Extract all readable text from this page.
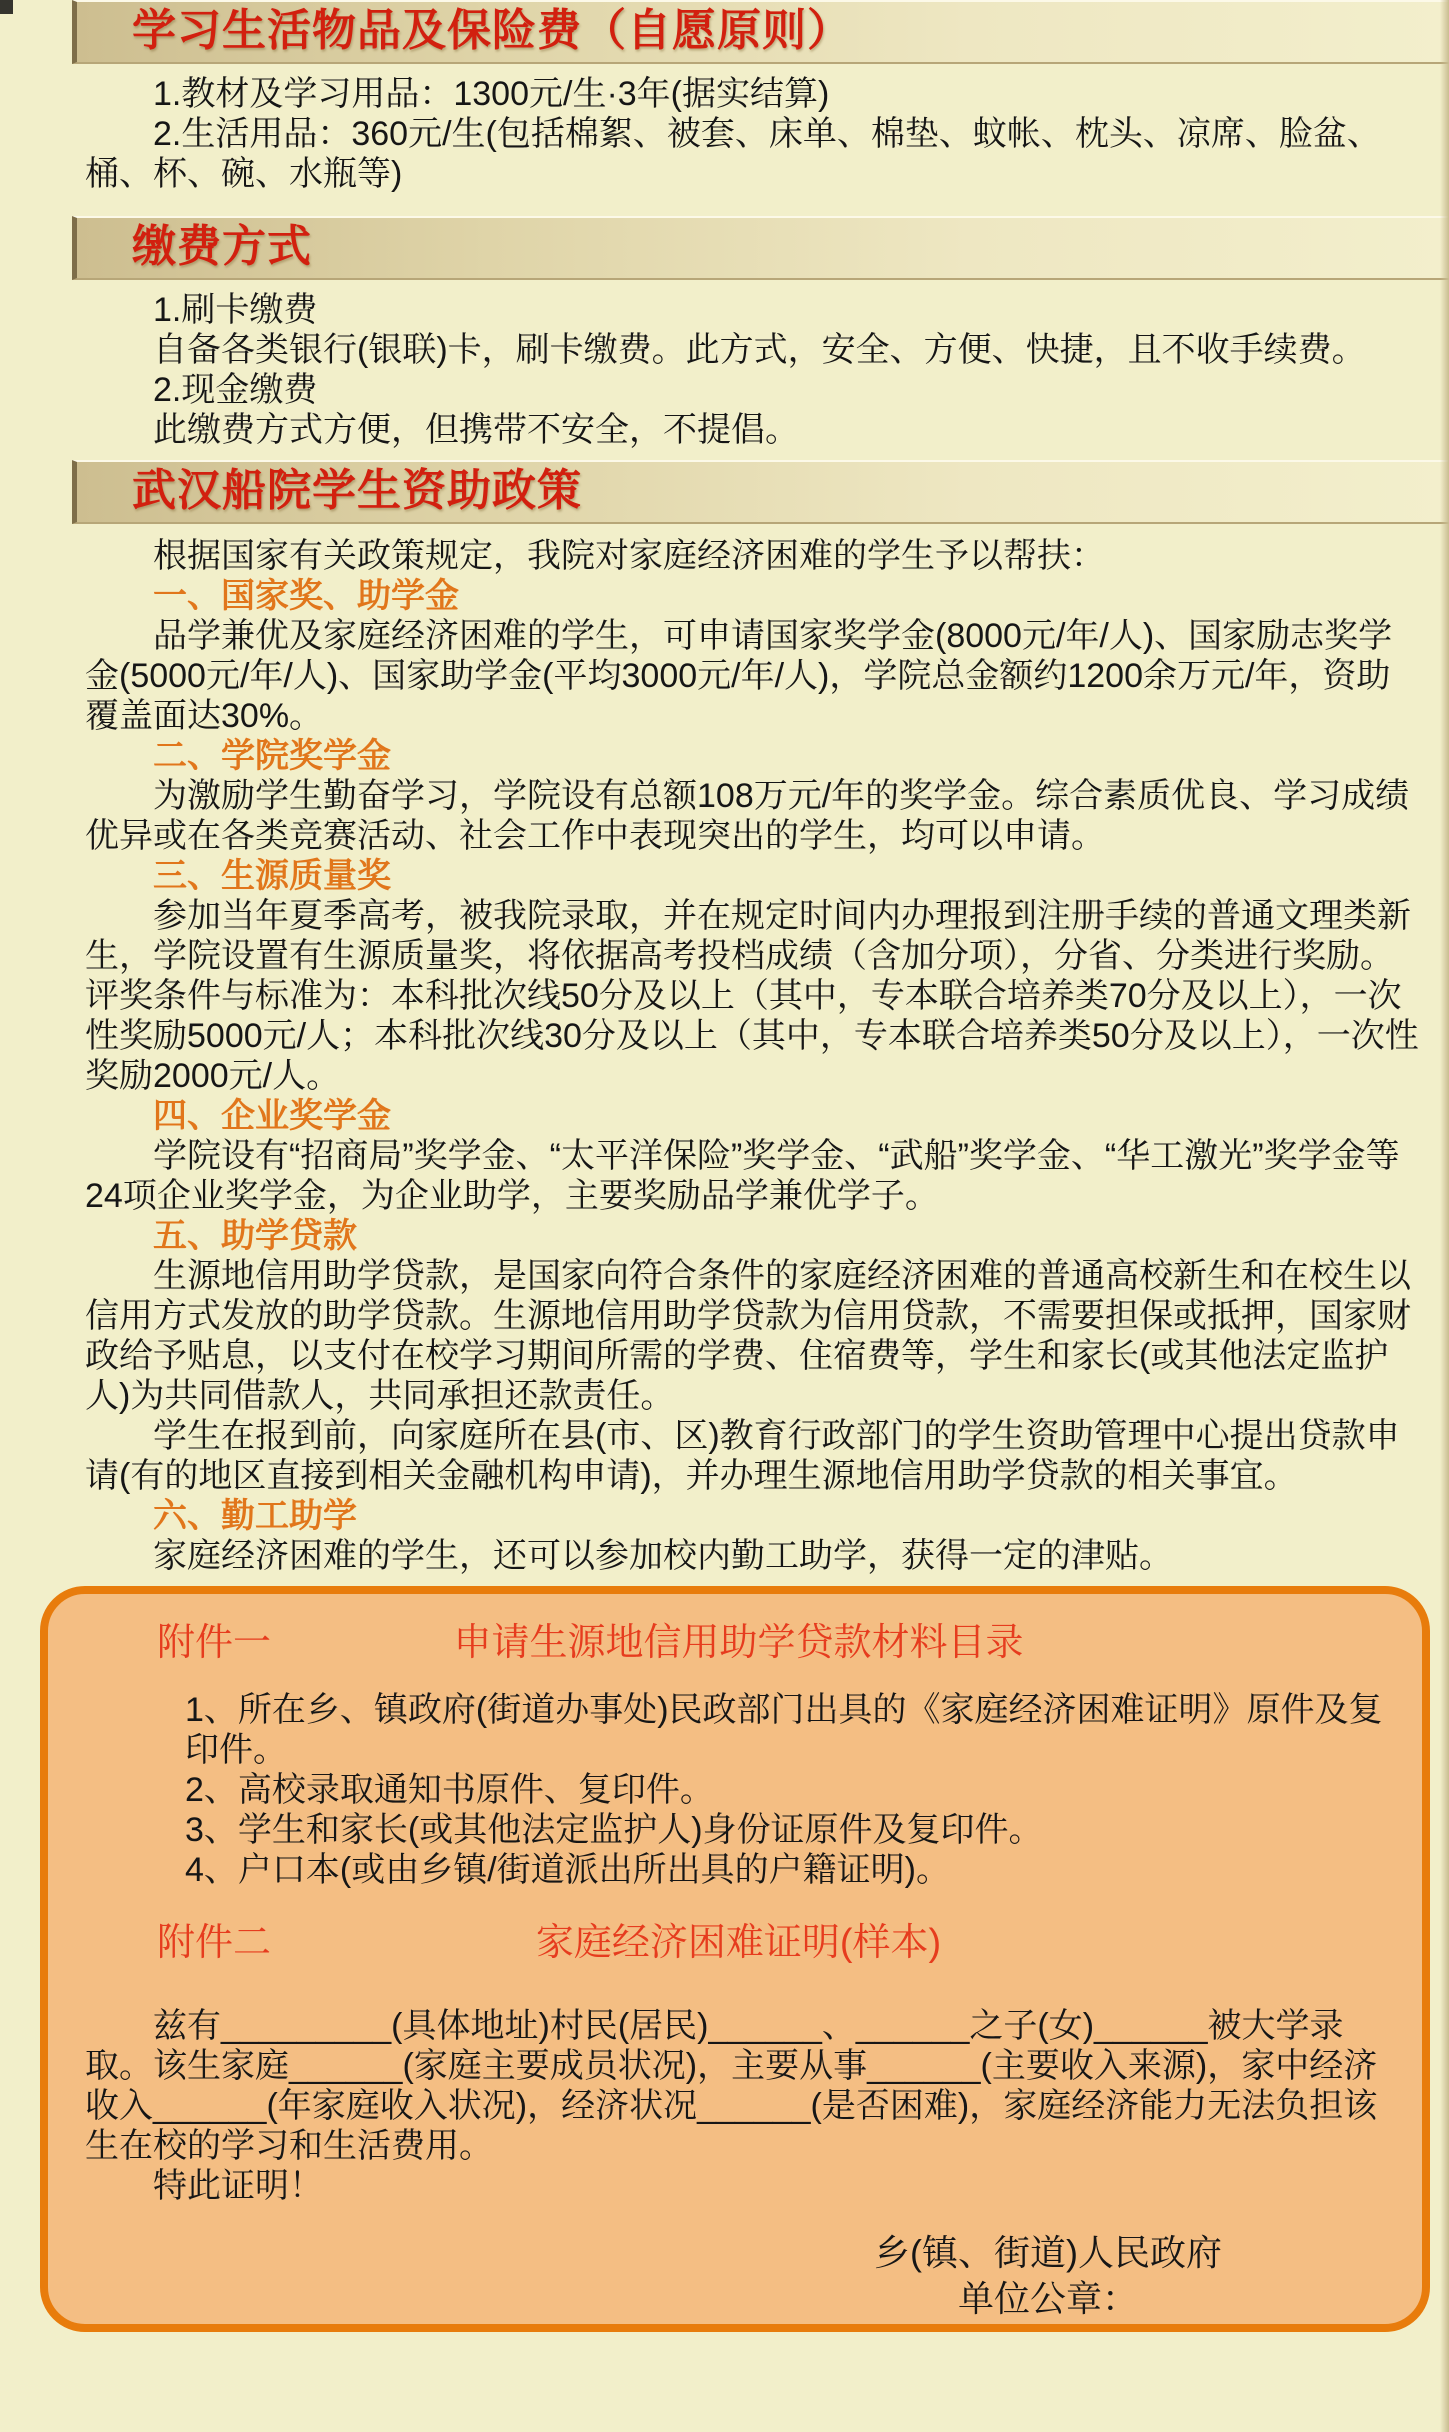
学习生活物品及保险费（自愿原则）

1.教材及学习用品：1300元/生·3年(据实结算)

2.生活用品：360元/生(包括棉絮、被套、床单、棉垫、蚊帐、枕头、凉席、脸盆、桶、杯、碗、水瓶等)

缴费方式

1.刷卡缴费

自备各类银行(银联)卡，刷卡缴费。此方式，安全、方便、快捷，且不收手续费。

2.现金缴费

此缴费方式方便，但携带不安全，不提倡。

武汉船院学生资助政策

根据国家有关政策规定，我院对家庭经济困难的学生予以帮扶：

一、国家奖、助学金

品学兼优及家庭经济困难的学生，可申请国家奖学金(8000元/年/人)、国家励志奖学金(5000元/年/人)、国家助学金(平均3000元/年/人)，学院总金额约1200余万元/年，资助覆盖面达30%。

二、学院奖学金

为激励学生勤奋学习，学院设有总额108万元/年的奖学金。综合素质优良、学习成绩优异或在各类竞赛活动、社会工作中表现突出的学生，均可以申请。

三、生源质量奖

参加当年夏季高考，被我院录取，并在规定时间内办理报到注册手续的普通文理类新生，学院设置有生源质量奖，将依据高考投档成绩（含加分项），分省、分类进行奖励。评奖条件与标准为：本科批次线50分及以上（其中，专本联合培养类70分及以上），一次性奖励5000元/人；本科批次线30分及以上（其中，专本联合培养类50分及以上），一次性奖励2000元/人。

四、企业奖学金

学院设有“招商局”奖学金、“太平洋保险”奖学金、“武船”奖学金、“华工激光”奖学金等24项企业奖学金，为企业助学，主要奖励品学兼优学子。

五、助学贷款

生源地信用助学贷款，是国家向符合条件的家庭经济困难的普通高校新生和在校生以信用方式发放的助学贷款。生源地信用助学贷款为信用贷款，不需要担保或抵押，国家财政给予贴息，以支付在校学习期间所需的学费、住宿费等，学生和家长(或其他法定监护人)为共同借款人，共同承担还款责任。

学生在报到前，向家庭所在县(市、区)教育行政部门的学生资助管理中心提出贷款申请(有的地区直接到相关金融机构申请)，并办理生源地信用助学贷款的相关事宜。

六、勤工助学

家庭经济困难的学生，还可以参加校内勤工助学，获得一定的津贴。

附件一	申请生源地信用助学贷款材料目录

1、所在乡、镇政府(街道办事处)民政部门出具的《家庭经济困难证明》原件及复印件。

2、高校录取通知书原件、复印件。

3、学生和家长(或其他法定监护人)身份证原件及复印件。

4、户口本(或由乡镇/街道派出所出具的户籍证明)。

附件二	家庭经济困难证明(样本)

兹有_________(具体地址)村民(居民)______、______之子(女)______被大学录取。该生家庭______(家庭主要成员状况)，主要从事______(主要收入来源)，家中经济收入______(年家庭收入状况)，经济状况______(是否困难)，家庭经济能力无法负担该生在校的学习和生活费用。

特此证明！

乡(镇、街道)人民政府
单位公章：
